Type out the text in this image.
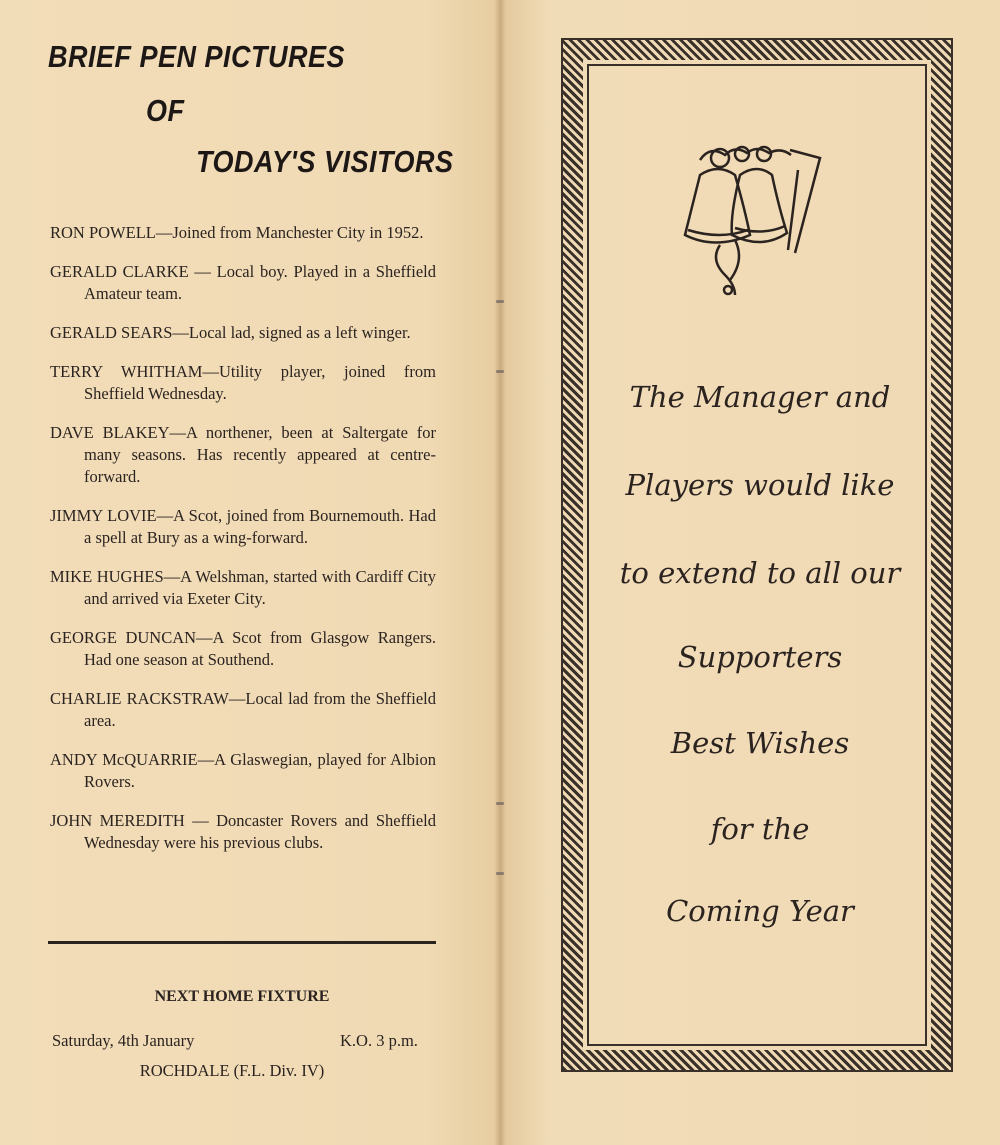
BRIEF PEN PICTURES
OF
TODAY'S VISITORS
RON POWELL—Joined from Manchester City in 1952.
GERALD CLARKE — Local boy. Played in a Sheffield Amateur team.
GERALD SEARS—Local lad, signed as a left winger.
TERRY WHITHAM—Utility player, joined from Sheffield Wednesday.
DAVE BLAKEY—A northener, been at Saltergate for many seasons. Has recently appeared at centre-forward.
JIMMY LOVIE—A Scot, joined from Bournemouth. Had a spell at Bury as a wing-forward.
MIKE HUGHES—A Welshman, started with Cardiff City and arrived via Exeter City.
GEORGE DUNCAN—A Scot from Glasgow Rangers. Had one season at Southend.
CHARLIE RACKSTRAW—Local lad from the Sheffield area.
ANDY McQUARRIE—A Glaswegian, played for Albion Rovers.
JOHN MEREDITH — Doncaster Rovers and Sheffield Wednesday were his previous clubs.

NEXT HOME FIXTURE

Saturday, 4th January	K.O. 3 p.m.
ROCHDALE (F.L. Div. IV)

The Manager and

Players would like

to extend to all our

Supporters

Best Wishes

for the

Coming Year
